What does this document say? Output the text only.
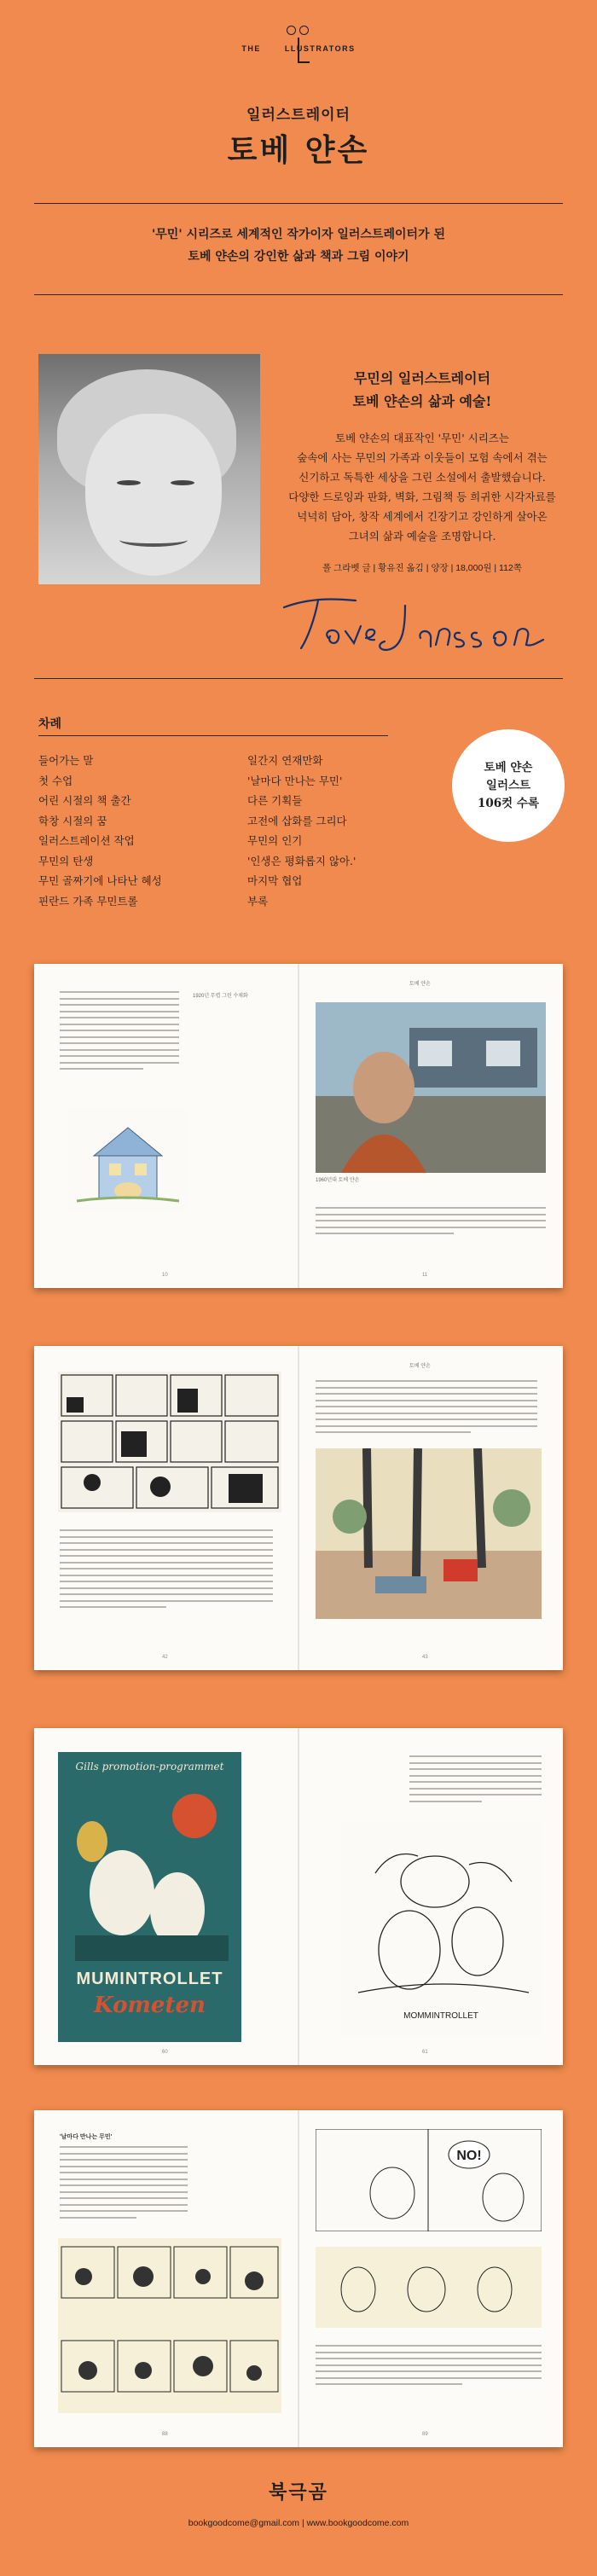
THE	LLUSTRATORS
일러스트레이터
토베 얀손
'무민' 시리즈로 세계적인 작가이자 일러스트레이터가 된
토베 얀손의 강인한 삶과 책과 그림 이야기
무민의 일러스트레이터
토베 얀손의 삶과 예술!
토베 얀손의 대표작인 '무민' 시리즈는
숲속에 사는 무민의 가족과 이웃들이 모험 속에서 겪는
신기하고 독특한 세상을 그린 소설에서 출발했습니다.
다양한 드로잉과 판화, 벽화, 그림책 등 희귀한 시각자료를
넉넉히 담아, 창작 세계에서 긴장기고 강인하게 살아온
그녀의 삶과 예술을 조명합니다.
폴 그라벳 글 | 황유진 옮김 | 양장 | 18,000원 | 112쪽
차례
들어가는 말
첫 수업
어린 시절의 책 출간
학창 시절의 꿈
일러스트레이션 작업
무민의 탄생
무민 골짜기에 나타난 혜성
핀란드 가족 무민트롤
일간지 연재만화
'날마다 만나는 무민'
다른 기획들
고전에 삽화를 그리다
무민의 인기
'인생은 평화롭지 않아.'
마지막 협업
부록
토베 얀손
일러스트
106컷 수록
1920년 무렵 그린 수채화
10
토베 얀손
1960년대 토베 얀손
11
42
토베 얀손
43
Gills promotion-programmet
MUMINTROLLET
Kometen
60
MOMMINTROLLET
61
'날마다 만나는 무민'
88
NO!
89
북극곰
bookgoodcome@gmail.com | www.bookgoodcome.com
